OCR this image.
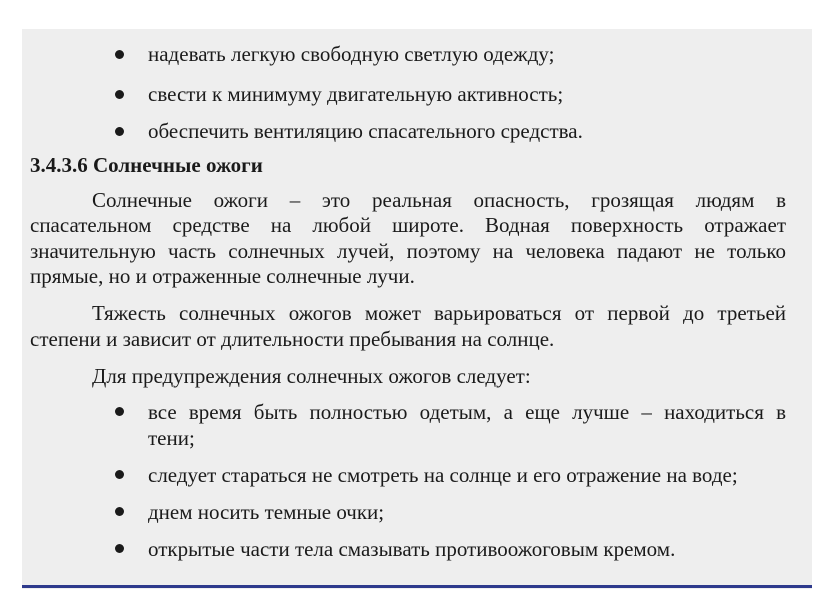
надевать легкую свободную светлую одежду;
свести к минимуму двигательную активность;
обеспечить вентиляцию спасательного средства.
3.4.3.6 Солнечные ожоги
Солнечные ожоги – это реальная опасность, грозящая людям в
спасательном средстве на любой широте. Водная поверхность отражает
значительную часть солнечных лучей, поэтому на человека падают не только
прямые, но и отраженные солнечные лучи.
Тяжесть солнечных ожогов может варьироваться от первой до третьей
степени и зависит от длительности пребывания на солнце.
Для предупреждения солнечных ожогов следует:
все время быть полностью одетым, а еще лучше – находиться в
тени;
следует стараться не смотреть на солнце и его отражение на воде;
днем носить темные очки;
открытые части тела смазывать противоожоговым кремом.
